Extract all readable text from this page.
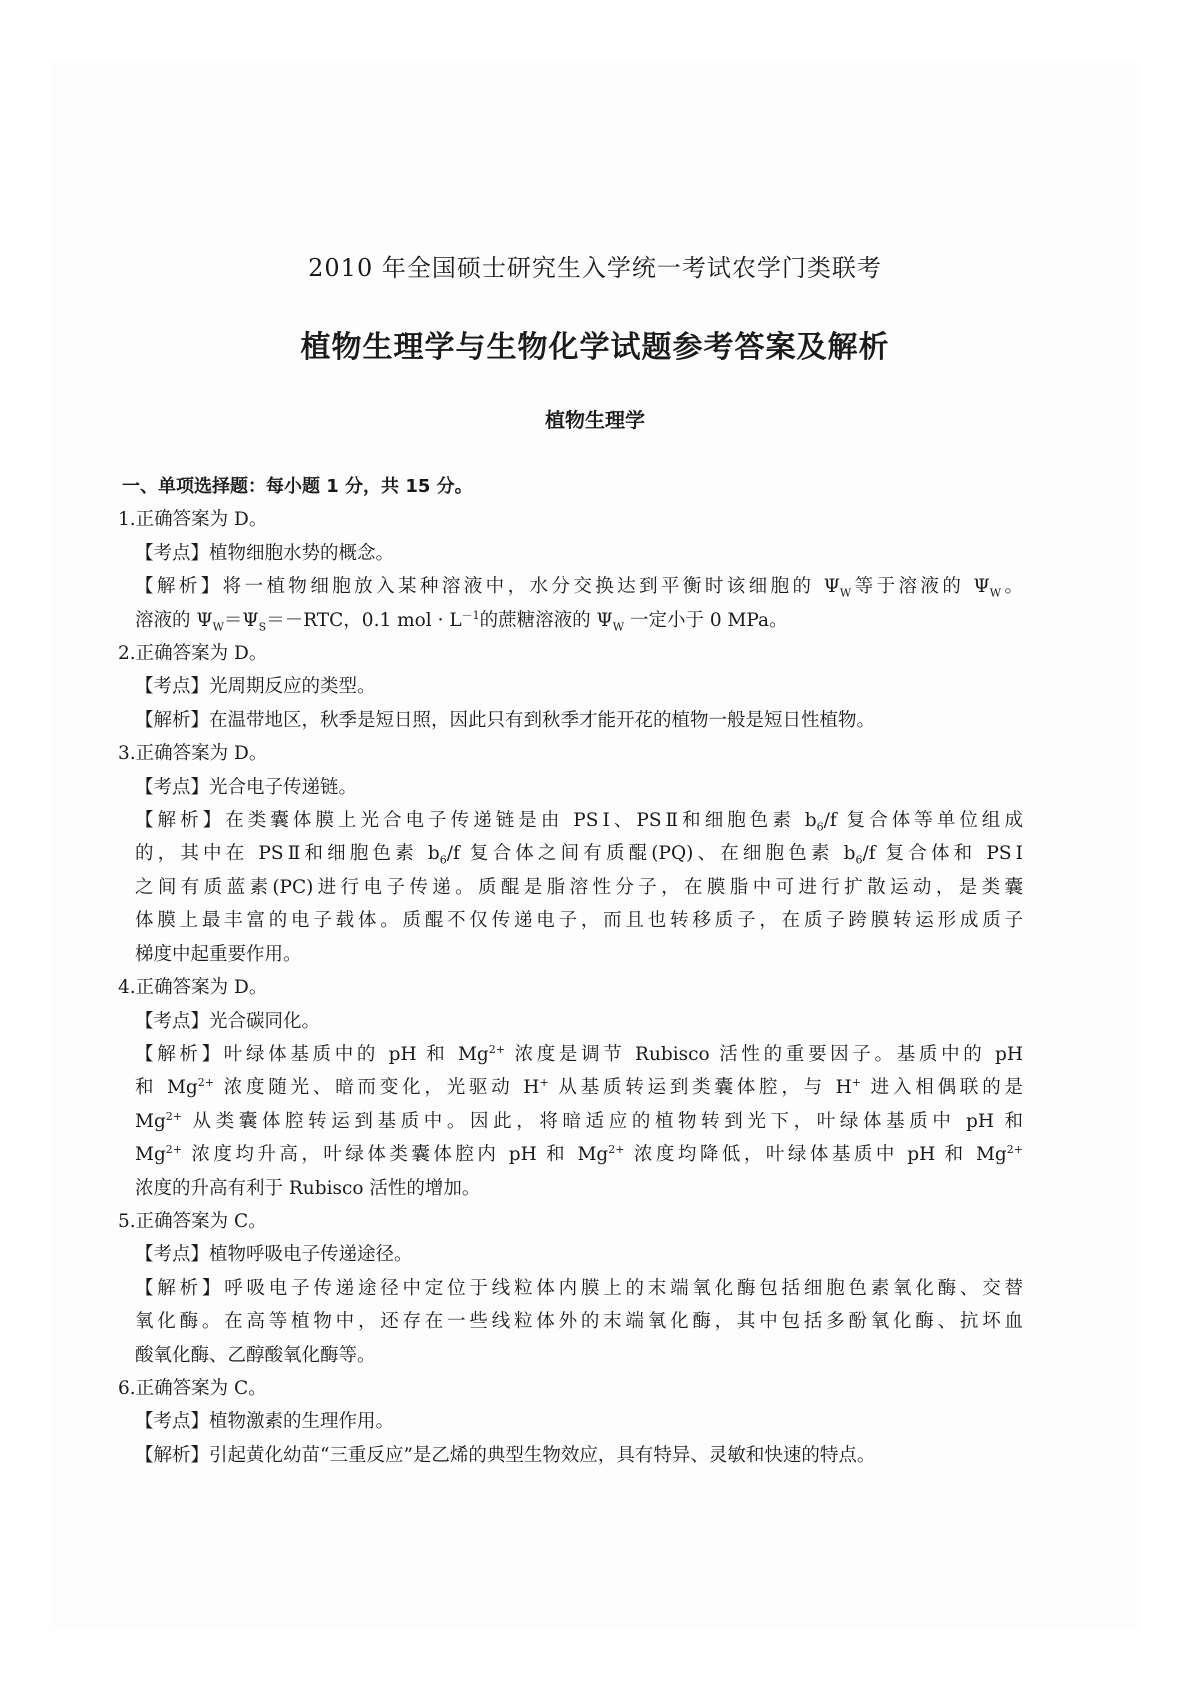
2010 年全国硕士研究生入学统一考试农学门类联考
植物生理学与生物化学试题参考答案及解析
植物生理学
一、单项选择题：每小题 1 分，共 15 分。
1.正确答案为 D。
【考点】植物细胞水势的概念。
【解析】将一植物细胞放入某种溶液中，水分交换达到平衡时该细胞的 $\Psi_W$等于溶液的 $\Psi_W$。
溶液的 $\Psi_W=\Psi_S=-RTC$，0.1 mol · $L^{-1}$的蔗糖溶液的 $\Psi_W$ 一定小于 0 MPa。
2.正确答案为 D。
【考点】光周期反应的类型。
【解析】在温带地区，秋季是短日照，因此只有到秋季才能开花的植物一般是短日性植物。
3.正确答案为 D。
【考点】光合电子传递链。
【解析】在类囊体膜上光合电子传递链是由 PSⅠ、PSⅡ和细胞色素 $b_6/f$ 复合体等单位组成
的，其中在 PSⅡ和细胞色素 $b_6/f$ 复合体之间有质醌(PQ)、在细胞色素 $b_6/f$ 复合体和 PSⅠ
之间有质蓝素(PC)进行电子传递。质醌是脂溶性分子，在膜脂中可进行扩散运动，是类囊
体膜上最丰富的电子载体。质醌不仅传递电子，而且也转移质子，在质子跨膜转运形成质子
梯度中起重要作用。
4.正确答案为 D。
【考点】光合碳同化。
【解析】叶绿体基质中的 pH 和 $Mg^{2+}$ 浓度是调节 Rubisco 活性的重要因子。基质中的 pH
和 $Mg^{2+}$ 浓度随光、暗而变化，光驱动 H+ 从基质转运到类囊体腔，与 H+ 进入相偶联的是
$Mg^{2+}$ 从类囊体腔转运到基质中。因此，将暗适应的植物转到光下，叶绿体基质中 pH 和
$Mg^{2+}$ 浓度均升高，叶绿体类囊体腔内 pH 和 $Mg^{2+}$ 浓度均降低，叶绿体基质中 pH 和 $Mg^{2+}$
浓度的升高有利于 Rubisco 活性的增加。
5.正确答案为 C。
【考点】植物呼吸电子传递途径。
【解析】呼吸电子传递途径中定位于线粒体内膜上的末端氧化酶包括细胞色素氧化酶、交替
氧化酶。在高等植物中，还存在一些线粒体外的末端氧化酶，其中包括多酚氧化酶、抗坏血
酸氧化酶、乙醇酸氧化酶等。
6.正确答案为 C。
【考点】植物激素的生理作用。
【解析】引起黄化幼苗“三重反应”是乙烯的典型生物效应，具有特异、灵敏和快速的特点。
